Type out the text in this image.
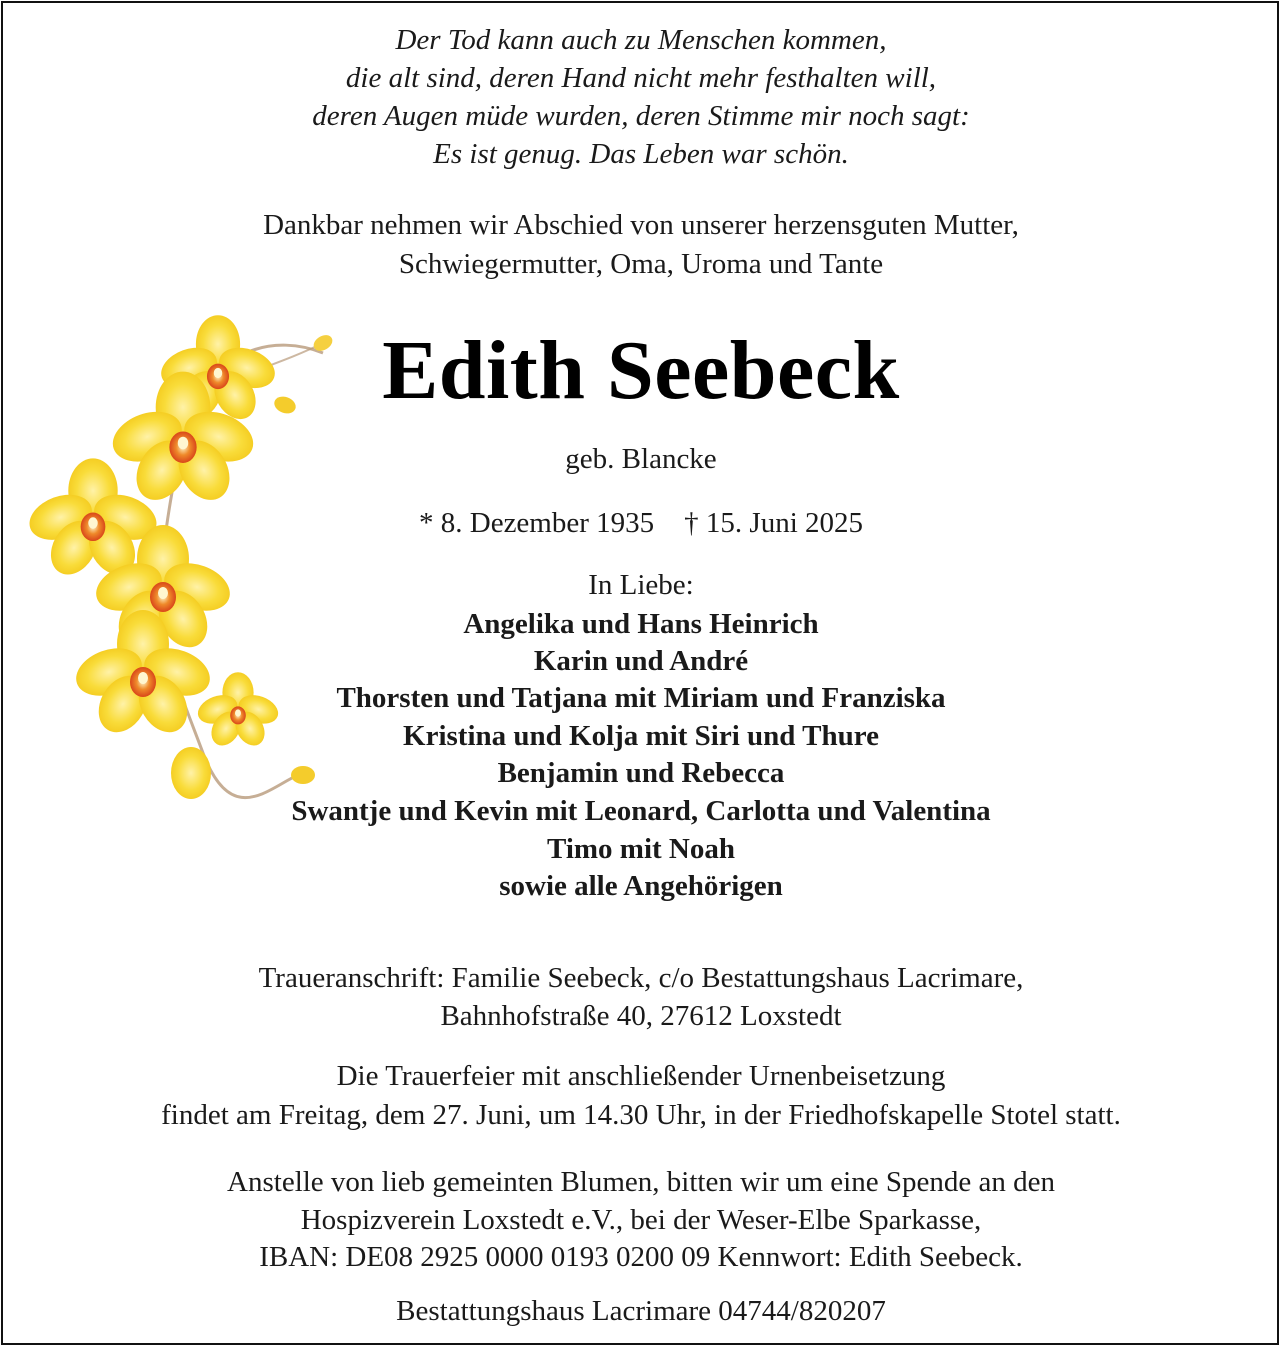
Der Tod kann auch zu Menschen kommen,
die alt sind, deren Hand nicht mehr festhalten will,
deren Augen müde wurden, deren Stimme mir noch sagt:
Es ist genug. Das Leben war schön.
Dankbar nehmen wir Abschied von unserer herzensguten Mutter,
Schwiegermutter, Oma, Uroma und Tante
Edith Seebeck
geb. Blancke
* 8. Dezember 1935 † 15. Juni 2025
In Liebe:
Angelika und Hans Heinrich
Karin und André
Thorsten und Tatjana mit Miriam und Franziska
Kristina und Kolja mit Siri und Thure
Benjamin und Rebecca
Swantje und Kevin mit Leonard, Carlotta und Valentina
Timo mit Noah
sowie alle Angehörigen
Traueranschrift: Familie Seebeck, c/o Bestattungshaus Lacrimare,
Bahnhofstraße 40, 27612 Loxstedt
Die Trauerfeier mit anschließender Urnenbeisetzung
findet am Freitag, dem 27. Juni, um 14.30 Uhr, in der Friedhofskapelle Stotel statt.
Anstelle von lieb gemeinten Blumen, bitten wir um eine Spende an den
Hospizverein Loxstedt e.V., bei der Weser-Elbe Sparkasse,
IBAN: DE08 2925 0000 0193 0200 09 Kennwort: Edith Seebeck.
Bestattungshaus Lacrimare 04744/820207
